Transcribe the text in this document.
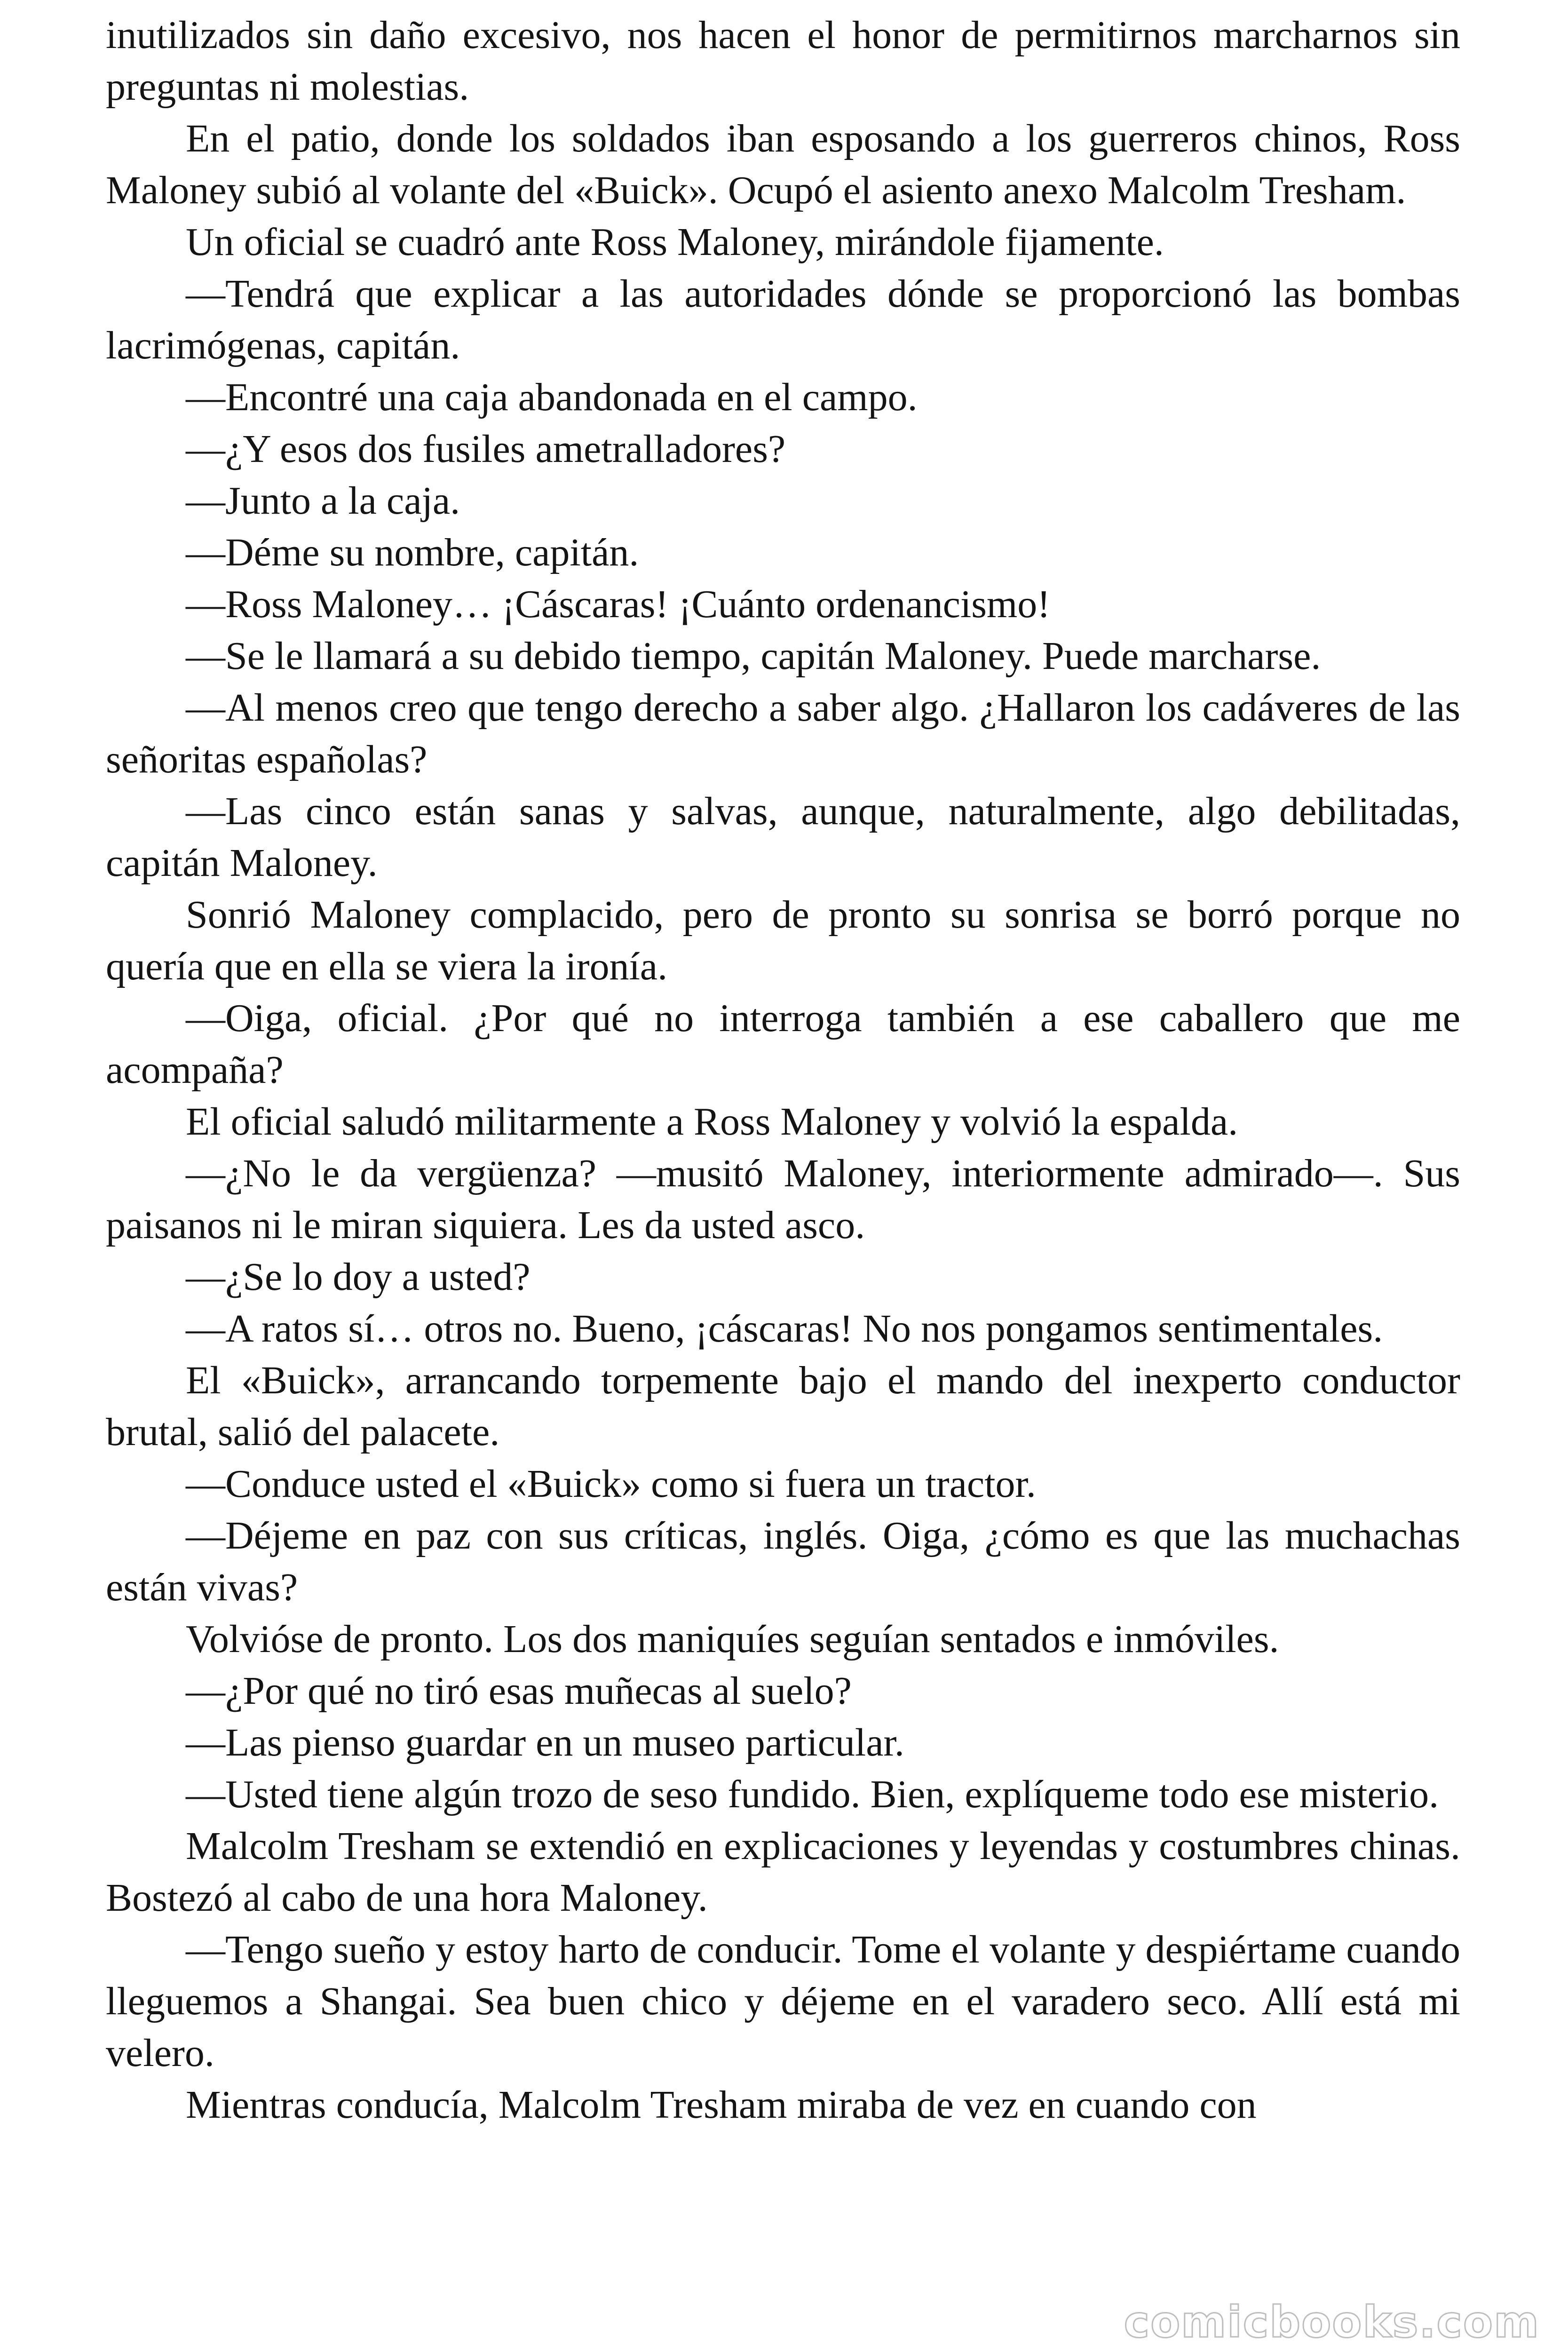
inutilizados sin daño excesivo, nos hacen el honor de permitirnos marcharnos sin preguntas ni molestias.

En el patio, donde los soldados iban esposando a los guerreros chinos, Ross Maloney subió al volante del «Buick». Ocupó el asiento anexo Malcolm Tresham.

Un oficial se cuadró ante Ross Maloney, mirándole fijamente.

—Tendrá que explicar a las autoridades dónde se proporcionó las bombas lacrimógenas, capitán.

—Encontré una caja abandonada en el campo.

—¿Y esos dos fusiles ametralladores?

—Junto a la caja.

—Déme su nombre, capitán.

—Ross Maloney… ¡Cáscaras! ¡Cuánto ordenancismo!

—Se le llamará a su debido tiempo, capitán Maloney. Puede marcharse.

—Al menos creo que tengo derecho a saber algo. ¿Hallaron los cadáveres de las señoritas españolas?

—Las cinco están sanas y salvas, aunque, naturalmente, algo debilitadas, capitán Maloney.

Sonrió Maloney complacido, pero de pronto su sonrisa se borró porque no quería que en ella se viera la ironía.

—Oiga, oficial. ¿Por qué no interroga también a ese caballero que me acompaña?

El oficial saludó militarmente a Ross Maloney y volvió la espalda.

—¿No le da vergüenza? —musitó Maloney, interiormente admirado—. Sus paisanos ni le miran siquiera. Les da usted asco.

—¿Se lo doy a usted?

—A ratos sí… otros no. Bueno, ¡cáscaras! No nos pongamos sentimentales.

El «Buick», arrancando torpemente bajo el mando del inexperto conductor brutal, salió del palacete.

—Conduce usted el «Buick» como si fuera un tractor.

—Déjeme en paz con sus críticas, inglés. Oiga, ¿cómo es que las muchachas están vivas?

Volvióse de pronto. Los dos maniquíes seguían sentados e inmóviles.

—¿Por qué no tiró esas muñecas al suelo?

—Las pienso guardar en un museo particular.

—Usted tiene algún trozo de seso fundido. Bien, explíqueme todo ese misterio.

Malcolm Tresham se extendió en explicaciones y leyendas y costumbres chinas. Bostezó al cabo de una hora Maloney.

—Tengo sueño y estoy harto de conducir. Tome el volante y despiértame cuando lleguemos a Shangai. Sea buen chico y déjeme en el varadero seco. Allí está mi velero.

Mientras conducía, Malcolm Tresham miraba de vez en cuando con

comicbooks.com
